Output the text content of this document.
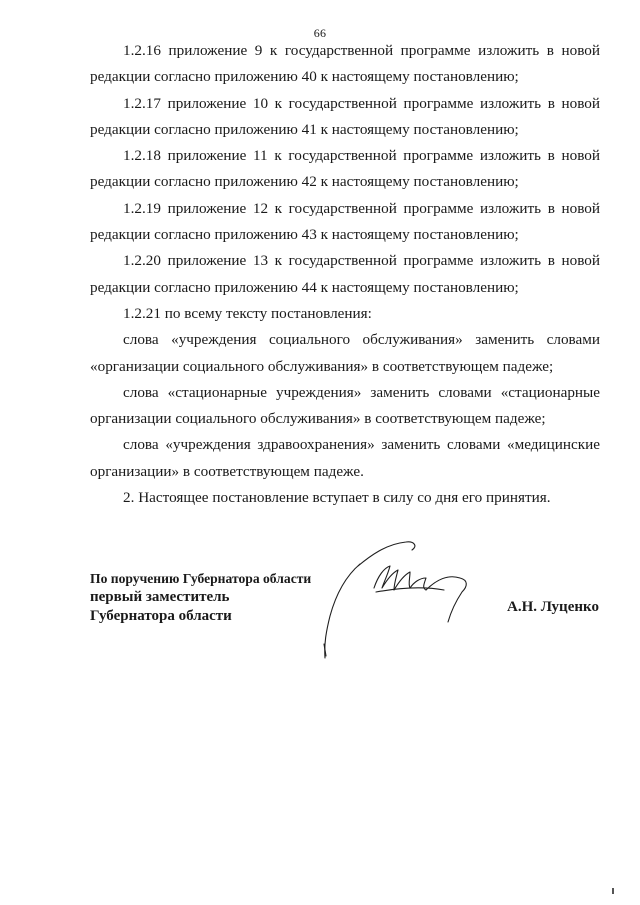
66

1.2.16 приложение 9 к государственной программе изложить в новой редакции согласно приложению 40 к настоящему постановлению;

1.2.17 приложение 10 к государственной программе изложить в новой редакции согласно приложению 41 к настоящему постановлению;

1.2.18 приложение 11 к государственной программе изложить в новой редакции согласно приложению 42 к настоящему постановлению;

1.2.19 приложение 12 к государственной программе изложить в новой редакции согласно приложению 43 к настоящему постановлению;

1.2.20 приложение 13 к государственной программе изложить в новой редакции согласно приложению 44 к настоящему постановлению;

1.2.21 по всему тексту постановления:

слова «учреждения социального обслуживания» заменить словами «организации социального обслуживания» в соответствующем падеже;

слова «стационарные учреждения» заменить словами «стационарные организации социального обслуживания» в соответствующем падеже;

слова «учреждения здравоохранения» заменить словами «медицинские организации» в соответствующем падеже.

2. Настоящее постановление вступает в силу со дня его принятия.

По поручению Губернатора области
первый заместитель
Губернатора области
А.Н. Луценко
